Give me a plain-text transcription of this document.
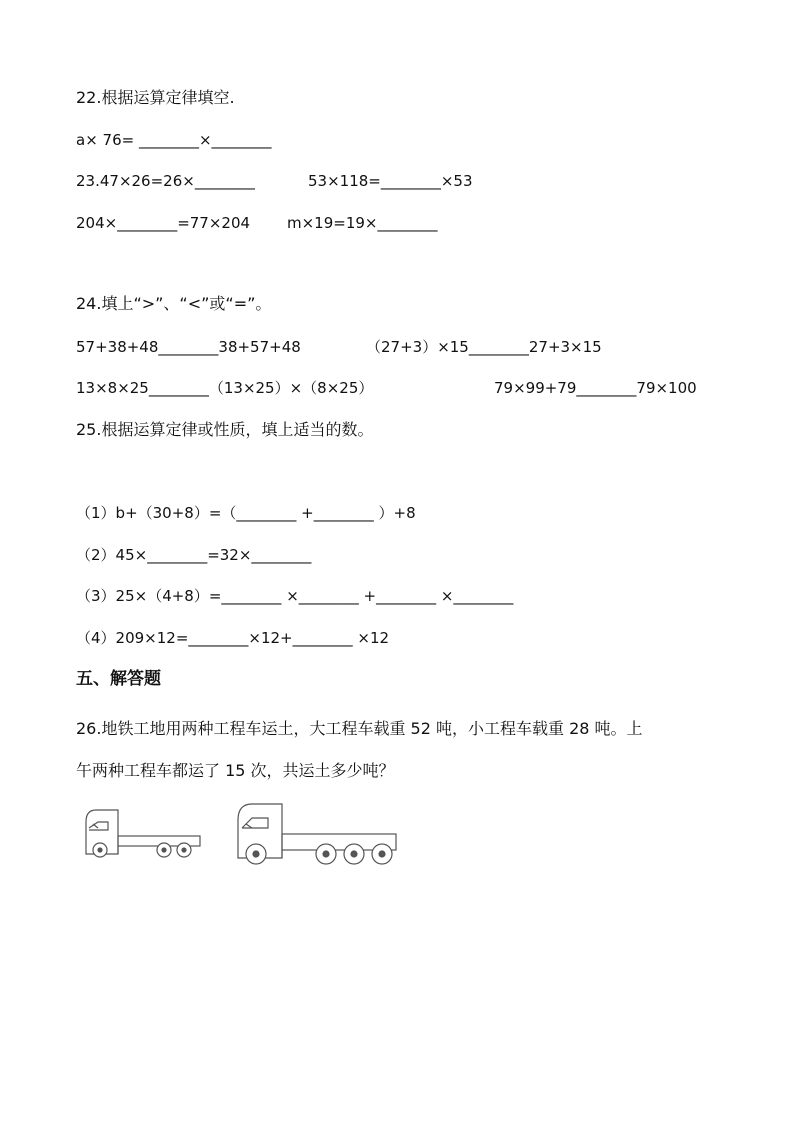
22.根据运算定律填空.
a× 76= ________×________
23.47×26=26×________	53×118=________×53
204×________=77×204 m×19=19×________
24.填上“>”、“<”或“=”。
57+38+48________38+57+48	（27+3）×15________27+3×15
13×8×25________（13×25）×（8×25）	79×99+79________79×100
25.根据运算定律或性质，填上适当的数。
（1）b+（30+8）=（________ +________ ）+8
（2）45×________=32×________
（3）25×（4+8）=________ ×________ +________ ×________
（4）209×12=________×12+________ ×12
五、解答题
26.地铁工地用两种工程车运土，大工程车载重 52 吨，小工程车载重 28 吨。上
午两种工程车都运了 15 次，共运土多少吨？
